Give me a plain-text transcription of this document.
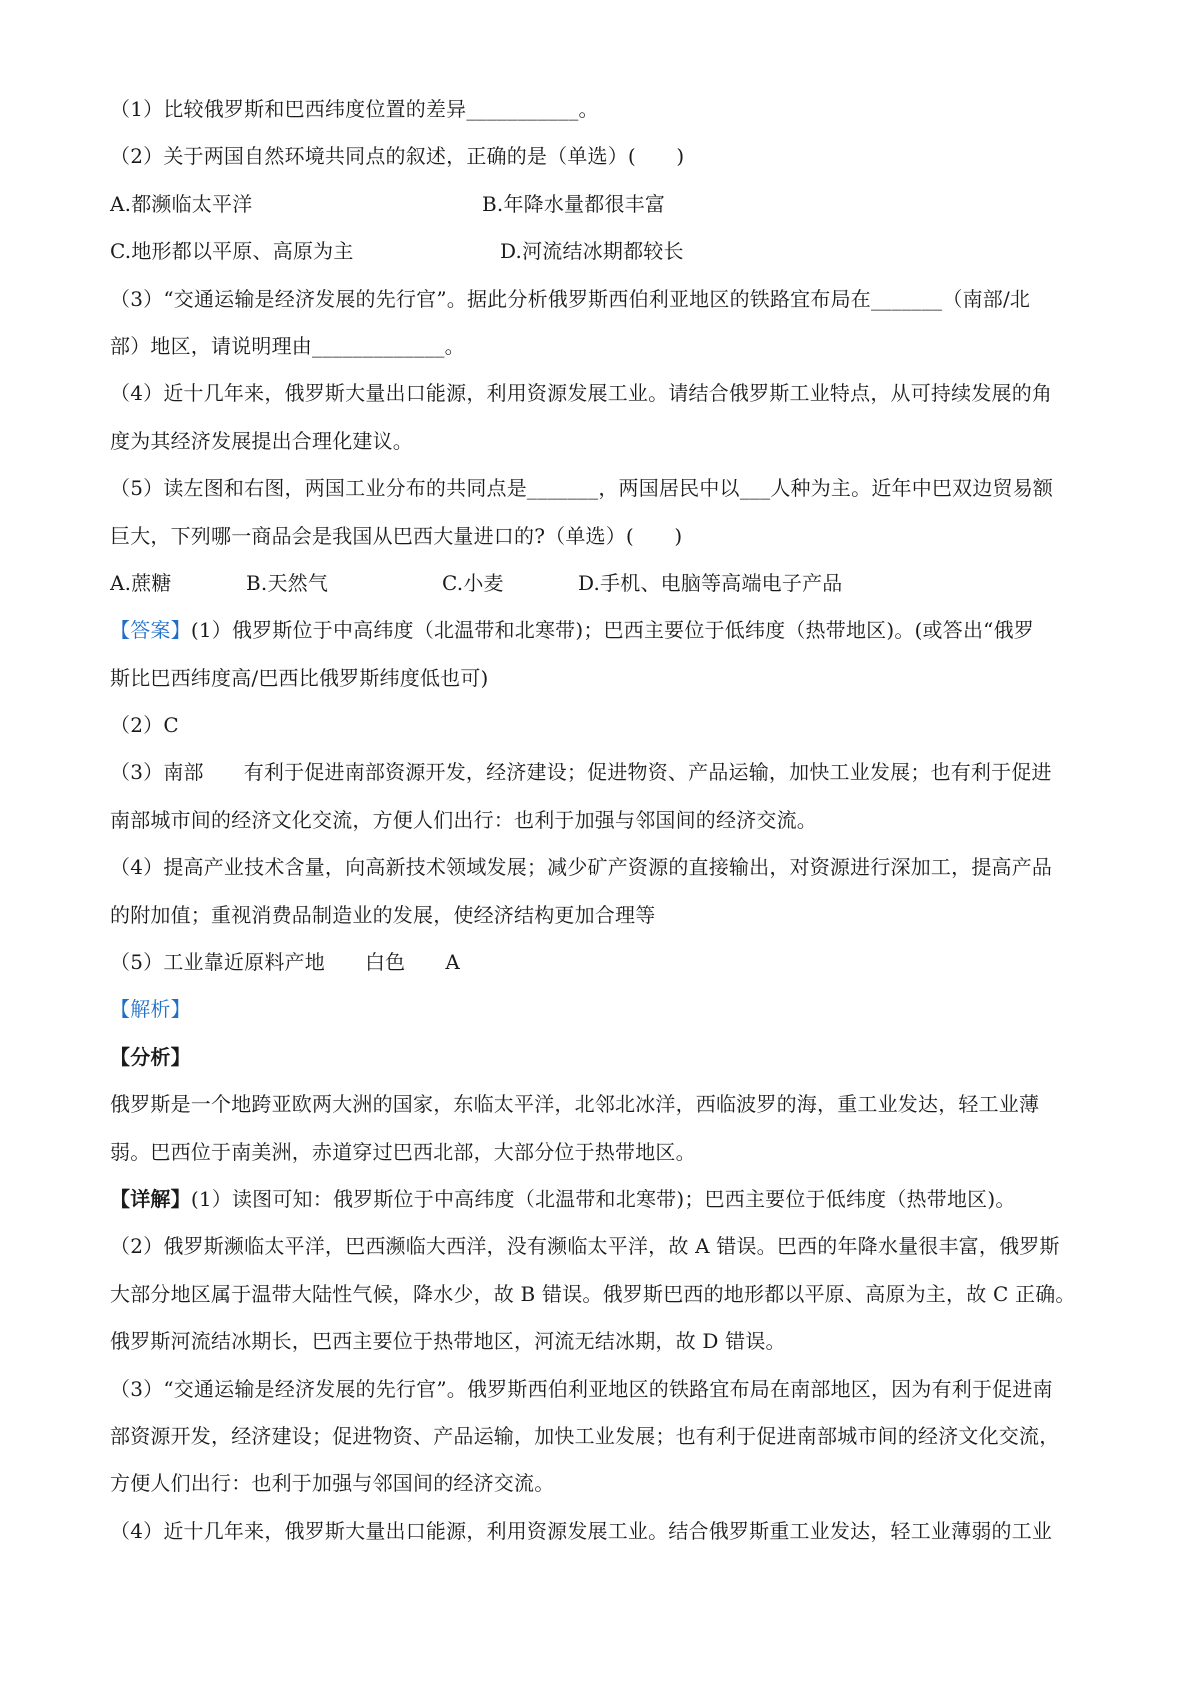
（1）比较俄罗斯和巴西纬度位置的差异___________。
（2）关于两国自然环境共同点的叙述，正确的是（单选）(　　)
A.都濒临太平洋	B.年降水量都很丰富
C.地形都以平原、高原为主	D.河流结冰期都较长
（3）“交通运输是经济发展的先行官”。据此分析俄罗斯西伯利亚地区的铁路宜布局在_______（南部/北
部）地区，请说明理由_____________。
（4）近十几年来，俄罗斯大量出口能源，利用资源发展工业。请结合俄罗斯工业特点，从可持续发展的角
度为其经济发展提出合理化建议。
（5）读左图和右图，两国工业分布的共同点是_______，两国居民中以___人种为主。近年中巴双边贸易额
巨大，下列哪一商品会是我国从巴西大量进口的?（单选）(　　)
A.蔗糖	B.天然气	C.小麦	D.手机、电脑等高端电子产品
【答案】(1）俄罗斯位于中高纬度（北温带和北寒带)；巴西主要位于低纬度（热带地区)。(或答出“俄罗
斯比巴西纬度高/巴西比俄罗斯纬度低也可)
（2）C
（3）南部 有利于促进南部资源开发，经济建设；促进物资、产品运输，加快工业发展；也有利于促进
南部城市间的经济文化交流，方便人们出行：也利于加强与邻国间的经济交流。
（4）提高产业技术含量，向高新技术领域发展；减少矿产资源的直接输出，对资源进行深加工，提高产品
的附加值；重视消费品制造业的发展，使经济结构更加合理等
（5）工业靠近原料产地 白色 A
【解析】
【分析】
俄罗斯是一个地跨亚欧两大洲的国家，东临太平洋，北邻北冰洋，西临波罗的海，重工业发达，轻工业薄
弱。巴西位于南美洲，赤道穿过巴西北部，大部分位于热带地区。
【详解】(1）读图可知：俄罗斯位于中高纬度（北温带和北寒带)；巴西主要位于低纬度（热带地区)。
（2）俄罗斯濒临太平洋，巴西濒临大西洋，没有濒临太平洋，故 A 错误。巴西的年降水量很丰富，俄罗斯
大部分地区属于温带大陆性气候，降水少，故 B 错误。俄罗斯巴西的地形都以平原、高原为主，故 C 正确。
俄罗斯河流结冰期长，巴西主要位于热带地区，河流无结冰期，故 D 错误。
（3）“交通运输是经济发展的先行官”。俄罗斯西伯利亚地区的铁路宜布局在南部地区，因为有利于促进南
部资源开发，经济建设；促进物资、产品运输，加快工业发展；也有利于促进南部城市间的经济文化交流，
方便人们出行：也利于加强与邻国间的经济交流。
（4）近十几年来，俄罗斯大量出口能源，利用资源发展工业。结合俄罗斯重工业发达，轻工业薄弱的工业
